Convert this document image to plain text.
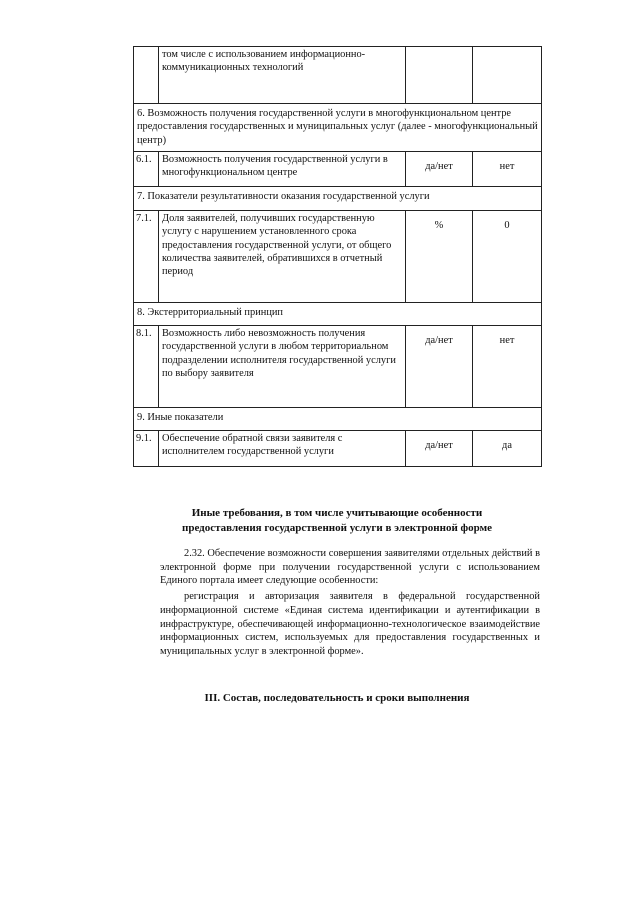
	том числе с использованием информационно-коммуникационных технологий		
6. Возможность получения государственной услуги в многофункциональном центре предоставления государственных и муниципальных услуг (далее - многофункциональный центр)			
6.1.	Возможность получения государственной услуги в многофункциональном центре	да/нет	нет
7. Показатели результативности оказания государственной услуги			
7.1.	Доля заявителей, получивших государственную услугу с нарушением установленного срока предоставления государственной услуги, от общего количества заявителей, обратившихся в отчетный период	%	0
8. Экстерриториальный принцип			
8.1.	Возможность либо невозможность получения государственной услуги в любом территориальном подразделении исполнителя государственной услуги по выбору заявителя	да/нет	нет
9. Иные показатели			
9.1.	Обеспечение обратной связи заявителя с исполнителем государственной услуги	да/нет	да
Иные требования, в том числе учитывающие особенности
предоставления государственной услуги в электронной форме
2.32. Обеспечение возможности совершения заявителями отдельных действий в электронной форме при получении государственной услуги с использованием Единого портала имеет следующие особенности:
регистрация и авторизация заявителя в федеральной государственной информационной системе «Единая система идентификации и аутентификации в инфраструктуре, обеспечивающей информационно-технологическое взаимодействие информационных систем, используемых для предоставления государственных и муниципальных услуг в электронной форме».
III. Состав, последовательность и сроки выполнения
